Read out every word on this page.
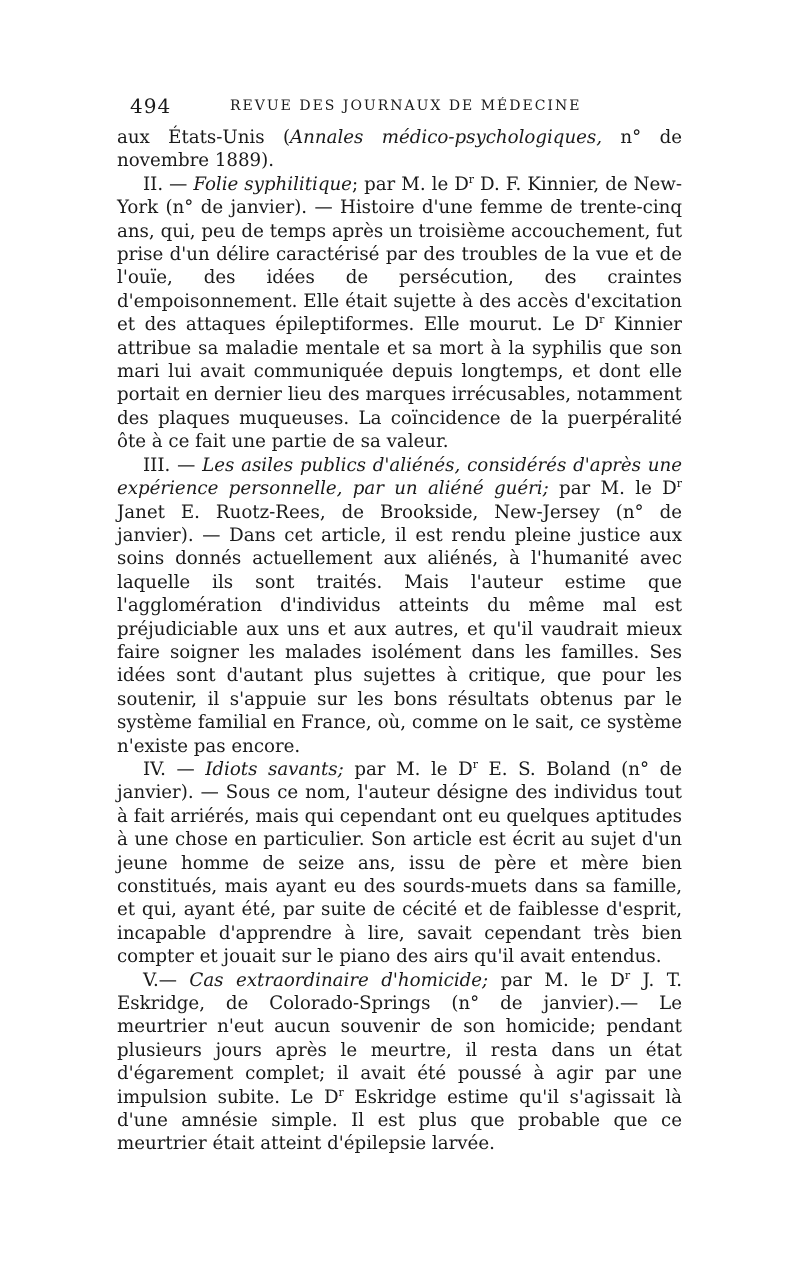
494	REVUE DES JOURNAUX DE MÉDECINE

aux États-Unis (Annales médico-psychologiques, n° de novembre 1889).

II. — Folie syphilitique; par M. le $D^r$ D. F. Kinnier, de New-York (n° de janvier). — Histoire d'une femme de trente-cinq ans, qui, peu de temps après un troisième accouchement, fut prise d'un délire caractérisé par des troubles de la vue et de l'ouïe, des idées de persécution, des craintes d'empoisonnement. Elle était sujette à des accès d'excitation et des attaques épileptiformes. Elle mourut. Le $D^r$ Kinnier attribue sa maladie mentale et sa mort à la syphilis que son mari lui avait communiquée depuis longtemps, et dont elle portait en dernier lieu des marques irrécusables, notamment des plaques muqueuses. La coïncidence de la puerpéralité ôte à ce fait une partie de sa valeur.

III. — Les asiles publics d'aliénés, considérés d'après une expérience personnelle, par un aliéné guéri; par M. le $D^r$ Janet E. Ruotz-Rees, de Brookside, New-Jersey (n° de janvier). — Dans cet article, il est rendu pleine justice aux soins donnés actuellement aux aliénés, à l'humanité avec laquelle ils sont traités. Mais l'auteur estime que l'agglomération d'individus atteints du même mal est préjudiciable aux uns et aux autres, et qu'il vaudrait mieux faire soigner les malades isolément dans les familles. Ses idées sont d'autant plus sujettes à critique, que pour les soutenir, il s'appuie sur les bons résultats obtenus par le système familial en France, où, comme on le sait, ce système n'existe pas encore.

IV. — Idiots savants; par M. le $D^r$ E. S. Boland (n° de janvier). — Sous ce nom, l'auteur désigne des individus tout à fait arriérés, mais qui cependant ont eu quelques aptitudes à une chose en particulier. Son article est écrit au sujet d'un jeune homme de seize ans, issu de père et mère bien constitués, mais ayant eu des sourds-muets dans sa famille, et qui, ayant été, par suite de cécité et de faiblesse d'esprit, incapable d'apprendre à lire, savait cependant très bien compter et jouait sur le piano des airs qu'il avait entendus.

V.— Cas extraordinaire d'homicide; par M. le $D^r$ J. T. Eskridge, de Colorado-Springs (n° de janvier).— Le meurtrier n'eut aucun souvenir de son homicide; pendant plusieurs jours après le meurtre, il resta dans un état d'égarement complet; il avait été poussé à agir par une impulsion subite. Le $D^r$ Eskridge estime qu'il s'agissait là d'une amnésie simple. Il est plus que probable que ce meurtrier était atteint d'épilepsie larvée.
